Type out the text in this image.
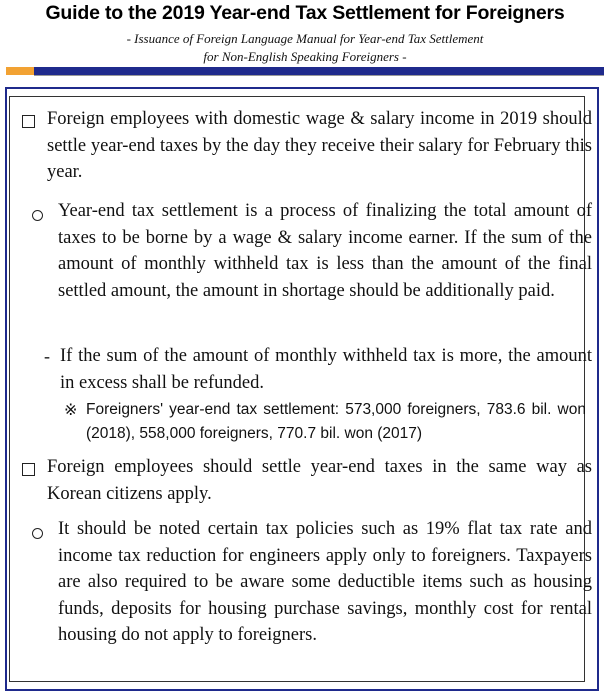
Guide to the 2019 Year-end Tax Settlement for Foreigners
- Issuance of Foreign Language Manual for Year-end Tax Settlement
for Non-English Speaking Foreigners -
Foreign employees with domestic wage & salary income in 2019 should settle year-end taxes by the day they receive their salary for February this year.
Year-end tax settlement is a process of finalizing the total amount of taxes to be borne by a wage & salary income earner. If the sum of the amount of monthly withheld tax is less than the amount of the final settled amount, the amount in shortage should be additionally paid.
- If the sum of the amount of monthly withheld tax is more, the amount in excess shall be refunded.
※ Foreigners' year-end tax settlement: 573,000 foreigners, 783.6 bil. won (2018), 558,000 foreigners, 770.7 bil. won (2017)
Foreign employees should settle year-end taxes in the same way as Korean citizens apply.
It should be noted certain tax policies such as 19% flat tax rate and income tax reduction for engineers apply only to foreigners. Taxpayers are also required to be aware some deductible items such as housing funds, deposits for housing purchase savings, monthly cost for rental housing do not apply to foreigners.
